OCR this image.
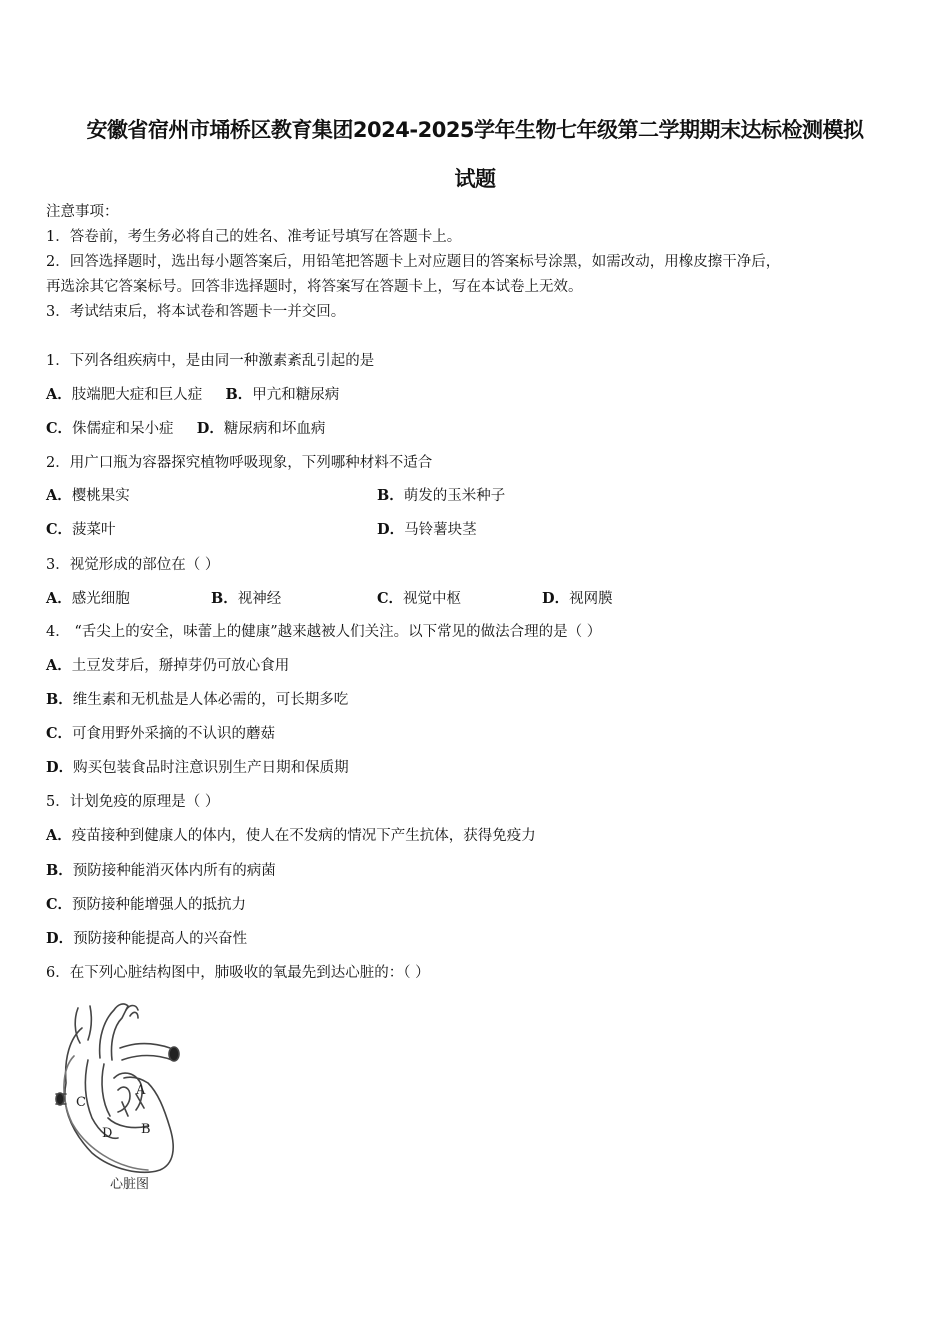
安徽省宿州市埇桥区教育集团2024-2025学年生物七年级第二学期期末达标检测模拟
试题
注意事项：
1．答卷前，考生务必将自己的姓名、准考证号填写在答题卡上。
2．回答选择题时，选出每小题答案后，用铅笔把答题卡上对应题目的答案标号涂黑，如需改动，用橡皮擦干净后，
再选涂其它答案标号。回答非选择题时，将答案写在答题卡上，写在本试卷上无效。
3．考试结束后，将本试卷和答题卡一并交回。
1．下列各组疾病中，是由同一种激素紊乱引起的是
A．肢端肥大症和巨人症 B．甲亢和糖尿病
C．侏儒症和呆小症 D．糖尿病和坏血病
2．用广口瓶为容器探究植物呼吸现象，下列哪种材料不适合
A．樱桃果实	B．萌发的玉米种子
C．菠菜叶	D．马铃薯块茎
3．视觉形成的部位在（ ）
A．感光细胞	B．视神经	C．视觉中枢	D．视网膜
4． “舌尖上的安全，味蕾上的健康”越来越被人们关注。以下常见的做法合理的是（ ）
A．土豆发芽后，掰掉芽仍可放心食用
B．维生素和无机盐是人体必需的，可长期多吃
C．可食用野外采摘的不认识的蘑菇
D．购买包装食品时注意识别生产日期和保质期
5．计划免疫的原理是（ ）
A．疫苗接种到健康人的体内，使人在不发病的情况下产生抗体，获得免疫力
B．预防接种能消灭体内所有的病菌
C．预防接种能增强人的抵抗力
D．预防接种能提高人的兴奋性
6．在下列心脏结构图中，肺吸收的氧最先到达心脏的：（ ）
A
B
C
D
心脏图
